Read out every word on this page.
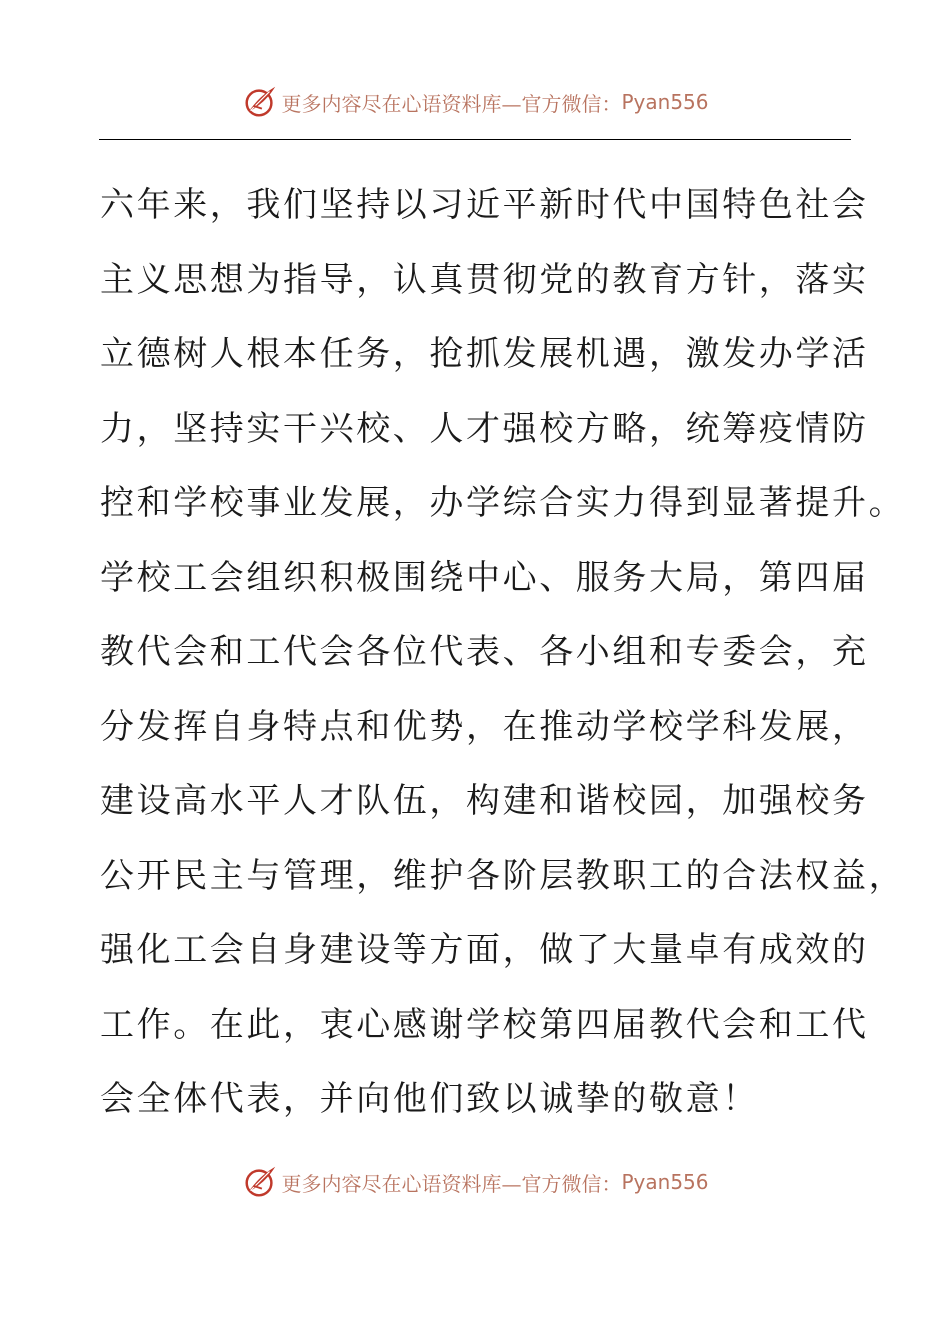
更多内容尽在心语资料库—官方微信： Pyan556
六年来，我们坚持以习近平新时代中国特色社会
主义思想为指导，认真贯彻党的教育方针，落实
立德树人根本任务，抢抓发展机遇，激发办学活
力，坚持实干兴校、人才强校方略，统筹疫情防
控和学校事业发展，办学综合实力得到显著提升。
学校工会组织积极围绕中心、服务大局，第四届
教代会和工代会各位代表、各小组和专委会，充
分发挥自身特点和优势，在推动学校学科发展，
建设高水平人才队伍，构建和谐校园，加强校务
公开民主与管理，维护各阶层教职工的合法权益，
强化工会自身建设等方面，做了大量卓有成效的
工作。在此，衷心感谢学校第四届教代会和工代
会全体代表，并向他们致以诚挚的敬意！
更多内容尽在心语资料库—官方微信： Pyan556
